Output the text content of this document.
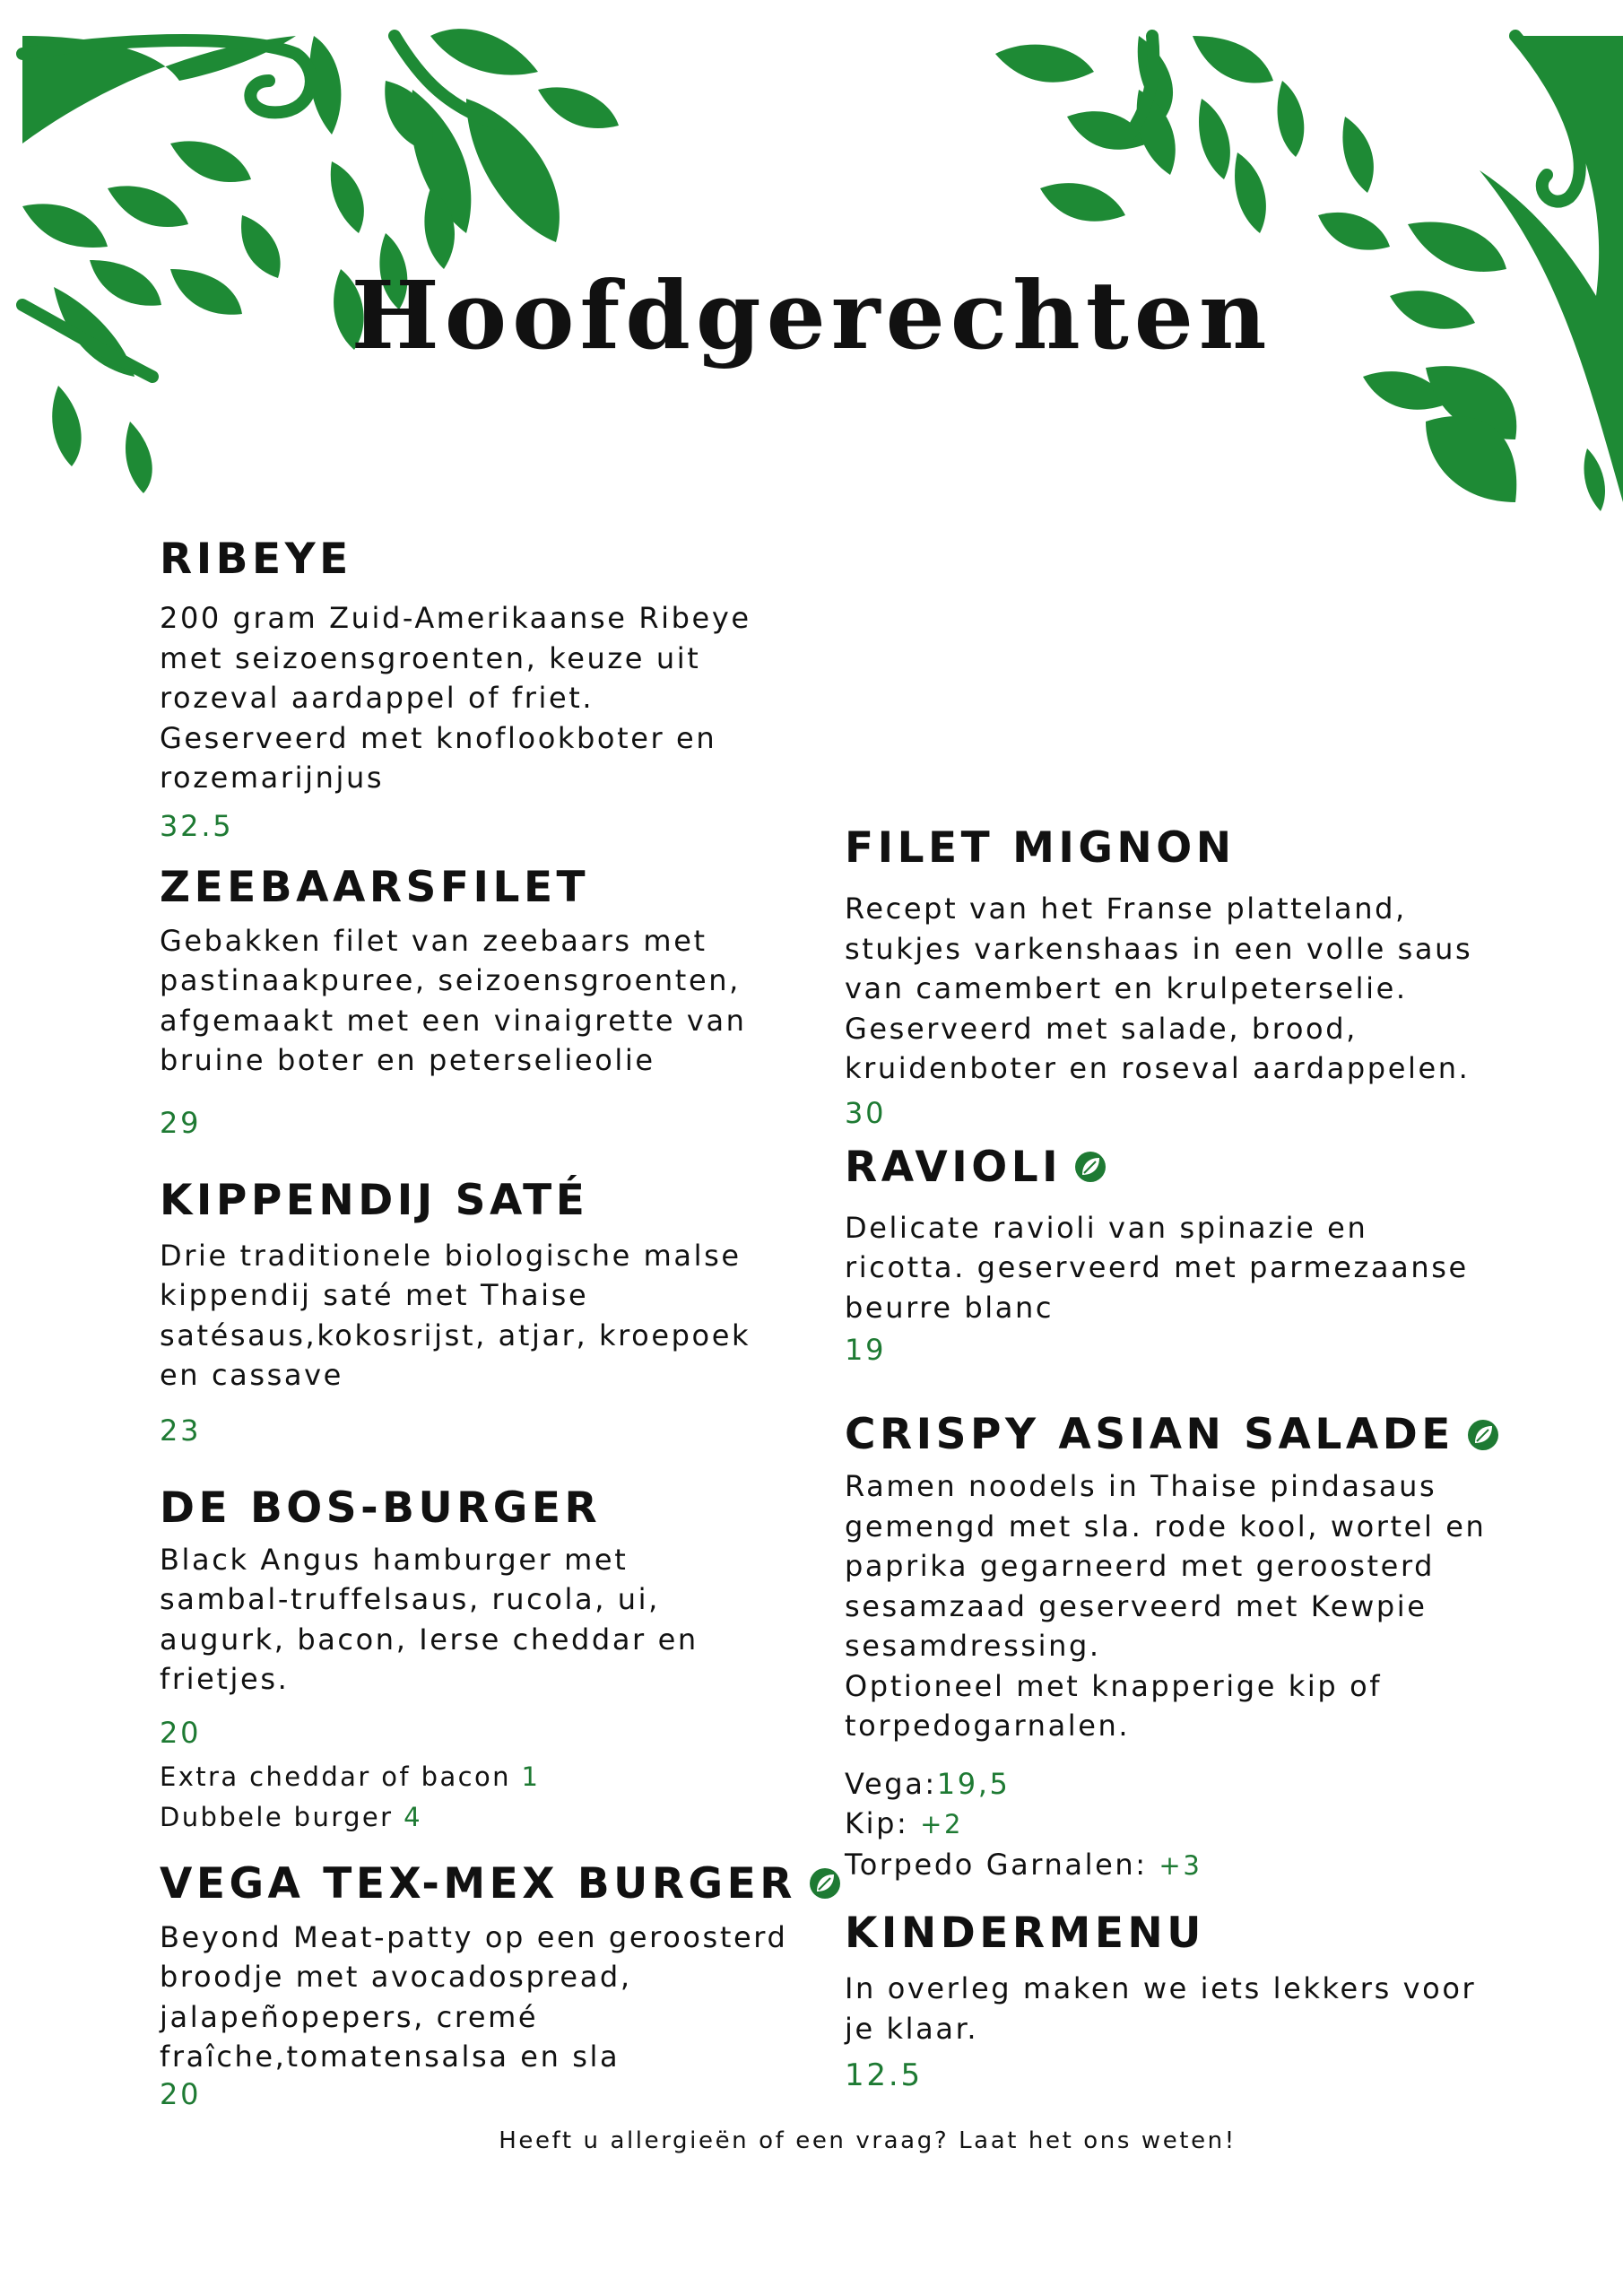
Hoofdgerechten
RIBEYE

200 gram Zuid-Amerikaanse Ribeye
met seizoensgroenten, keuze uit
rozeval aardappel of friet.
Geserveerd met knoflookboter en
rozemarijnjus

32.5
ZEEBAARSFILET

Gebakken filet van zeebaars met
pastinaakpuree, seizoensgroenten,
afgemaakt met een vinaigrette van
bruine boter en peterselieolie

29
KIPPENDIJ SATÉ

Drie traditionele biologische malse
kippendij saté met Thaise
satésaus,kokosrijst, atjar, kroepoek
en cassave

23
DE BOS-BURGER

Black Angus hamburger met
sambal-truffelsaus, rucola, ui,
augurk, bacon, Ierse cheddar en
frietjes.

20
Extra cheddar of bacon 1
Dubbele burger 4
VEGA TEX-MEX BURGER

Beyond Meat-patty op een geroosterd
broodje met avocadospread,
jalapeñopepers, cremé
fraîche,tomatensalsa en sla

20
FILET MIGNON

Recept van het Franse platteland,
stukjes varkenshaas in een volle saus
van camembert en krulpeterselie.
Geserveerd met salade, brood,
kruidenboter en roseval aardappelen.

30
RAVIOLI

Delicate ravioli van spinazie en
ricotta. geserveerd met parmezaanse
beurre blanc

19
CRISPY ASIAN SALADE

Ramen noodels in Thaise pindasaus
gemengd met sla. rode kool, wortel en
paprika gegarneerd met geroosterd
sesamzaad geserveerd met Kewpie
sesamdressing.
Optioneel met knapperige kip of
torpedogarnalen.

Vega:19,5
Kip: +2
Torpedo Garnalen: +3
KINDERMENU

In overleg maken we iets lekkers voor
je klaar.

12.5
Heeft u allergieën of een vraag? Laat het ons weten!
